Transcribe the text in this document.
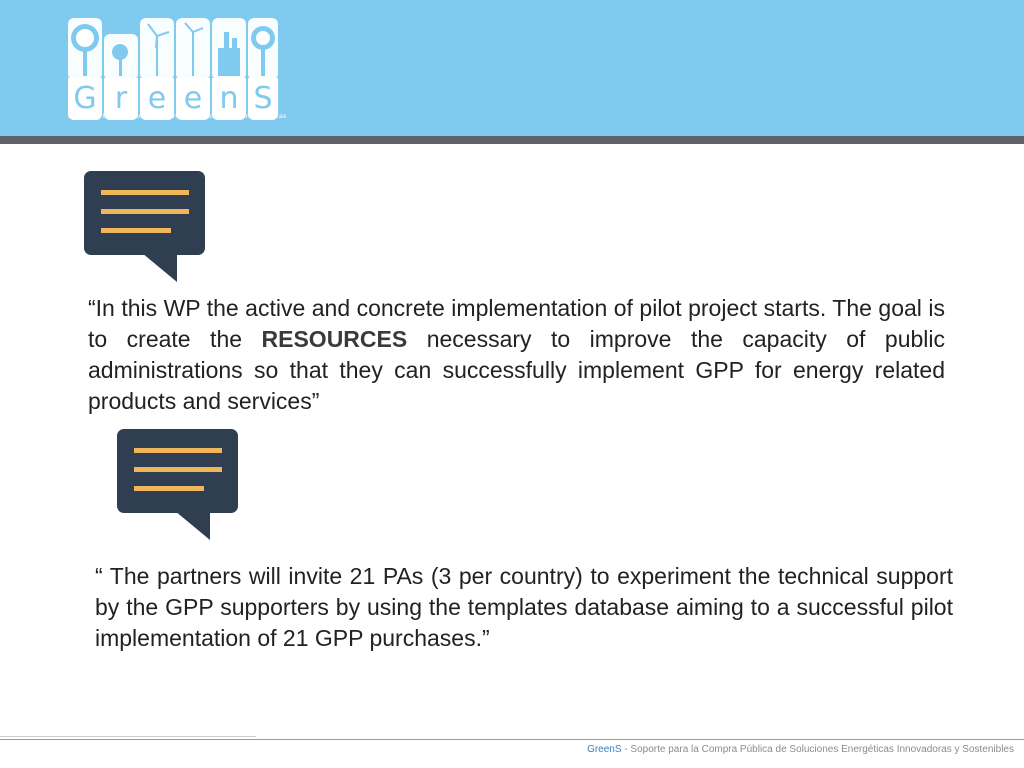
G r e e n S
asistencia técnica • formación en CPS • recomendaciones políticas

“In this WP the active and concrete implementation of pilot project starts. The goal is to create the RESOURCES necessary to improve the capacity of public administrations so that they can successfully implement GPP for energy related products and services”

“ The partners will invite 21 PAs (3 per country) to experiment the technical support by the GPP supporters by using the templates database aiming to a successful pilot implementation of 21 GPP purchases.”

GreenS - Soporte para la Compra Pública de Soluciones Energéticas Innovadoras y Sostenibles
